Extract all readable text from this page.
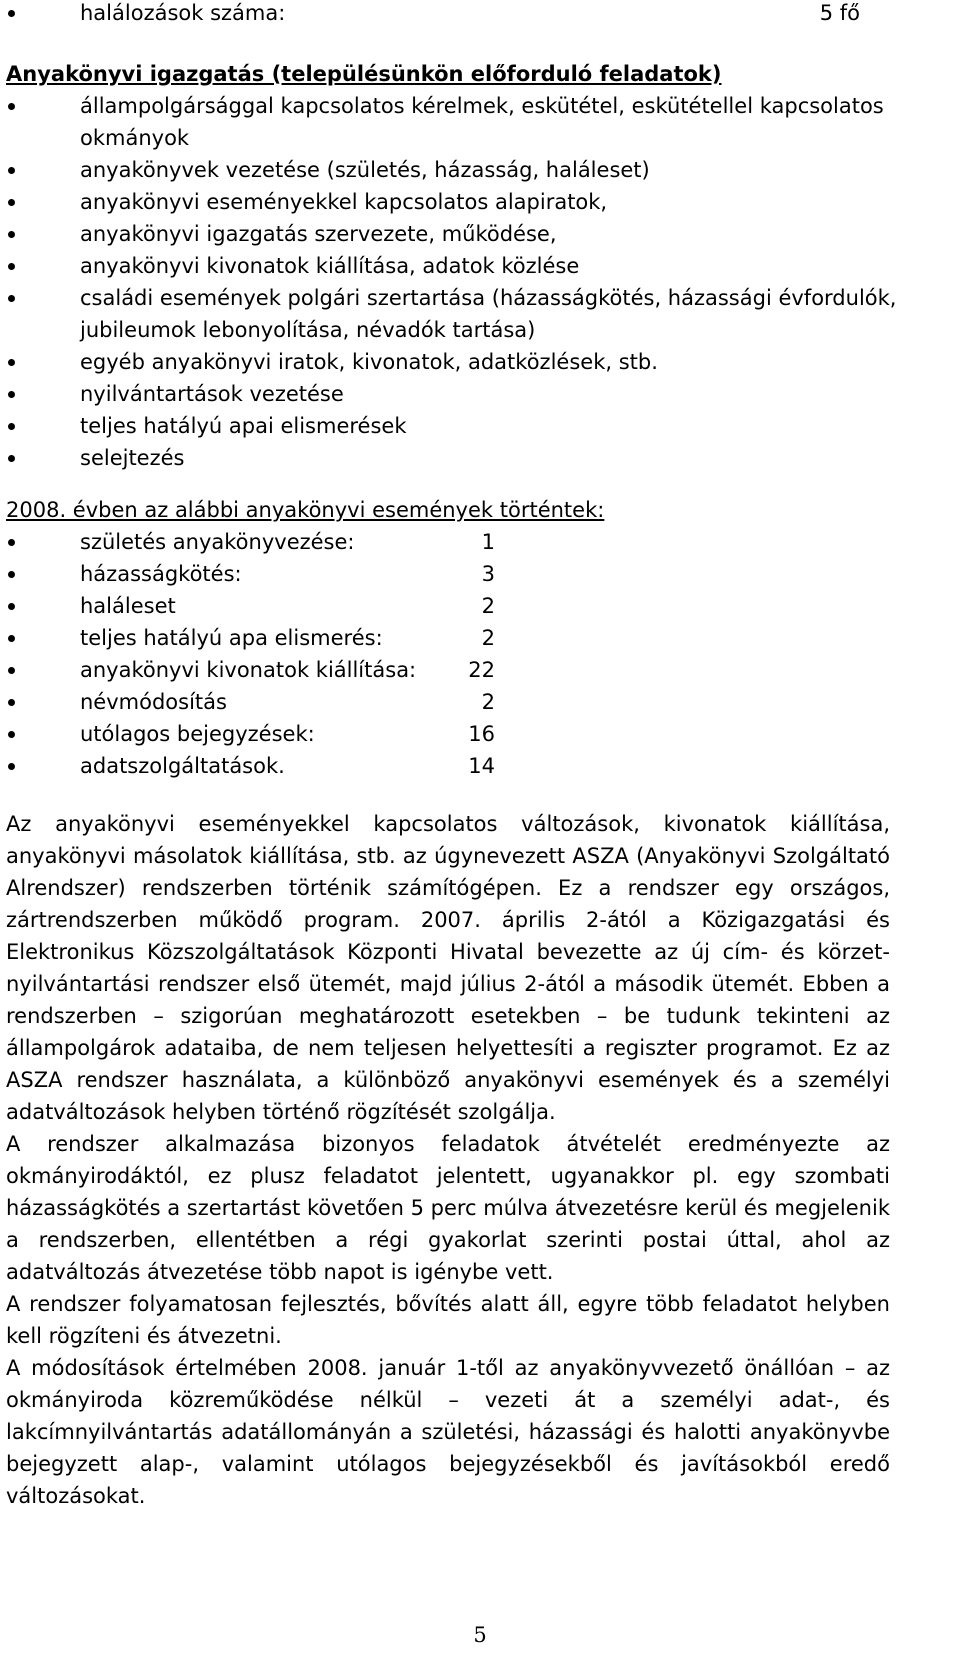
halálozások száma:	5 fő

Anyakönyvi igazgatás (településünkön előforduló feladatok)

állampolgársággal kapcsolatos kérelmek, eskütétel, eskütétellel kapcsolatos okmányok
anyakönyvek vezetése (születés, házasság, haláleset)
anyakönyvi eseményekkel kapcsolatos alapiratok,
anyakönyvi igazgatás szervezete, működése,
anyakönyvi kivonatok kiállítása, adatok közlése
családi események polgári szertartása (házasságkötés, házassági évfordulók, jubileumok lebonyolítása, névadók tartása)
egyéb anyakönyvi iratok, kivonatok, adatközlések, stb.
nyilvántartások vezetése
teljes hatályú apai elismerések
selejtezés

2008. évben az alábbi anyakönyvi események történtek:

születés anyakönyvezése:	1
házasságkötés:	3
haláleset	2
teljes hatályú apa elismerés:	2
anyakönyvi kivonatok kiállítása:	22
névmódosítás	2
utólagos bejegyzések:	16
adatszolgáltatások.	14

Az anyakönyvi eseményekkel kapcsolatos változások, kivonatok kiállítása, anyakönyvi másolatok kiállítása, stb. az úgynevezett ASZA (Anyakönyvi Szolgáltató Alrendszer) rendszerben történik számítógépen. Ez a rendszer egy országos, zártrendszerben működő program. 2007. április 2-ától a Közigazgatási és Elektronikus Közszolgáltatások Központi Hivatal bevezette az új cím- és körzet-nyilvántartási rendszer első ütemét, majd július 2-ától a második ütemét. Ebben a rendszerben – szigorúan meghatározott esetekben – be tudunk tekinteni az állampolgárok adataiba, de nem teljesen helyettesíti a regiszter programot. Ez az ASZA rendszer használata, a különböző anyakönyvi események és a személyi adatváltozások helyben történő rögzítését szolgálja.

A rendszer alkalmazása bizonyos feladatok átvételét eredményezte az okmányirodáktól, ez plusz feladatot jelentett, ugyanakkor pl. egy szombati házasságkötés a szertartást követően 5 perc múlva átvezetésre kerül és megjelenik a rendszerben, ellentétben a régi gyakorlat szerinti postai úttal, ahol az adatváltozás átvezetése több napot is igénybe vett.

A rendszer folyamatosan fejlesztés, bővítés alatt áll, egyre több feladatot helyben kell rögzíteni és átvezetni.

A módosítások értelmében 2008. január 1-től az anyakönyvvezető önállóan – az okmányiroda közreműködése nélkül – vezeti át a személyi adat-, és lakcímnyilvántartás adatállományán a születési, házassági és halotti anyakönyvbe bejegyzett alap-, valamint utólagos bejegyzésekből és javításokból eredő változásokat.

5
